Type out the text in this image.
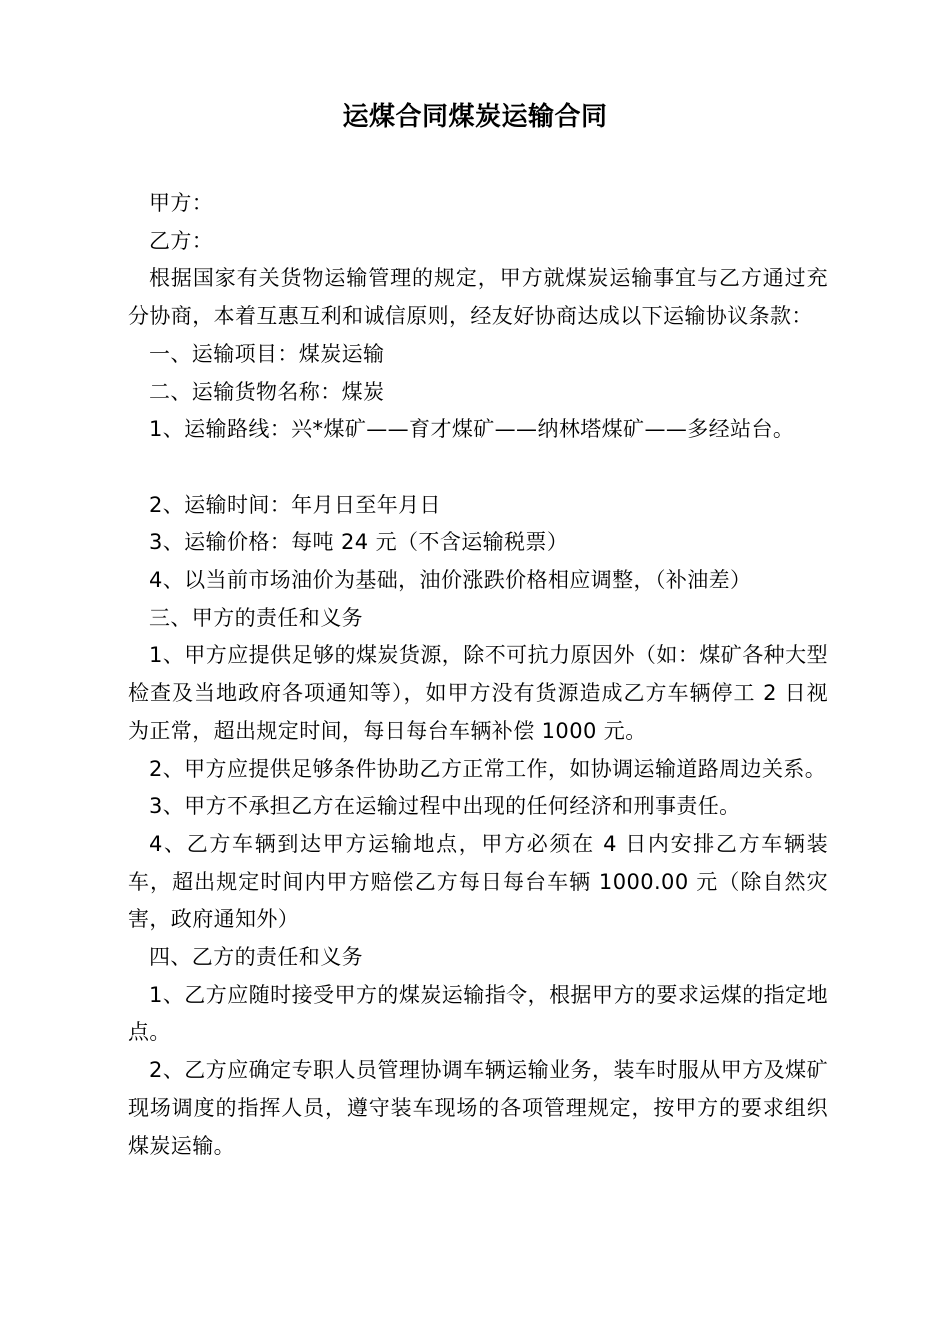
运煤合同煤炭运输合同

甲方：

乙方：

根据国家有关货物运输管理的规定，甲方就煤炭运输事宜与乙方通过充分协商，本着互惠互利和诚信原则，经友好协商达成以下运输协议条款：

一、运输项目：煤炭运输

二、运输货物名称：煤炭

1、运输路线：兴*煤矿——育才煤矿——纳林塔煤矿——多经站台。

2、运输时间：年月日至年月日

3、运输价格：每吨 24 元（不含运输税票）

4、以当前市场油价为基础，油价涨跌价格相应调整，（补油差）

三、甲方的责任和义务

1、甲方应提供足够的煤炭货源，除不可抗力原因外（如：煤矿各种大型检查及当地政府各项通知等），如甲方没有货源造成乙方车辆停工 2 日视为正常，超出规定时间，每日每台车辆补偿 1000 元。

2、甲方应提供足够条件协助乙方正常工作，如协调运输道路周边关系。

3、甲方不承担乙方在运输过程中出现的任何经济和刑事责任。

4、乙方车辆到达甲方运输地点，甲方必须在 4 日内安排乙方车辆装车，超出规定时间内甲方赔偿乙方每日每台车辆 1000.00 元（除自然灾害，政府通知外）

四、乙方的责任和义务

1、乙方应随时接受甲方的煤炭运输指令，根据甲方的要求运煤的指定地点。

2、乙方应确定专职人员管理协调车辆运输业务，装车时服从甲方及煤矿现场调度的指挥人员，遵守装车现场的各项管理规定，按甲方的要求组织煤炭运输。
